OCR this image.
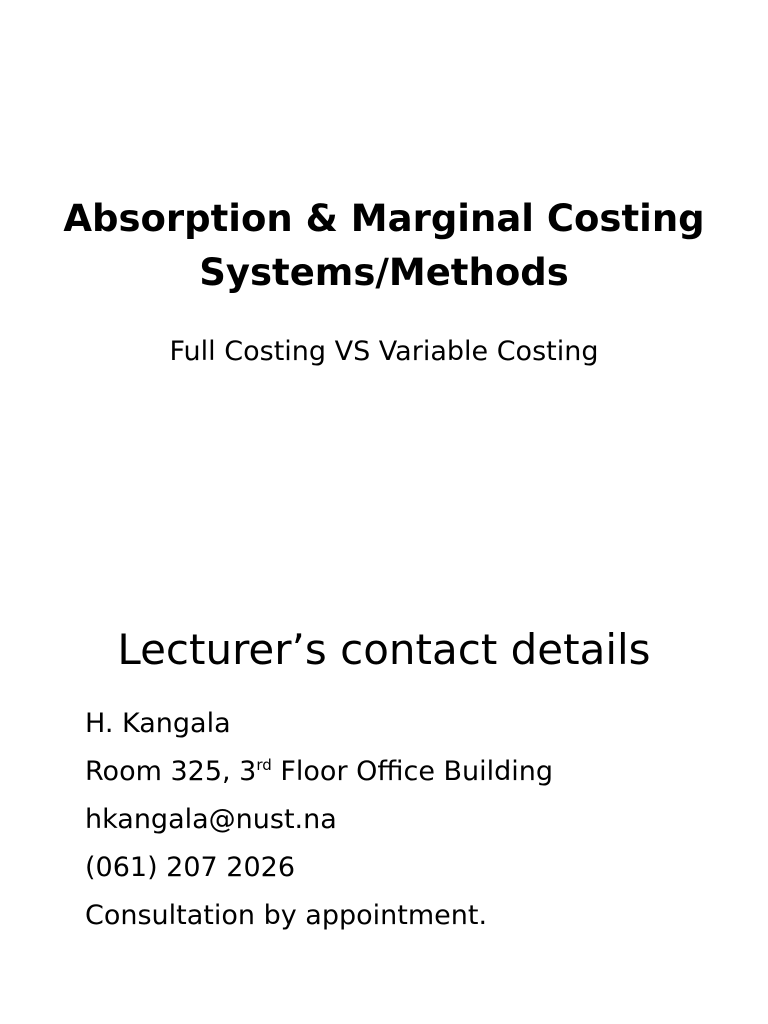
Absorption & Marginal Costing
Systems/Methods
Full Costing VS Variable Costing
Lecturer’s contact details
H. Kangala
Room 325, 3rd Floor Office Building
hkangala@nust.na
(061) 207 2026
Consultation by appointment.
